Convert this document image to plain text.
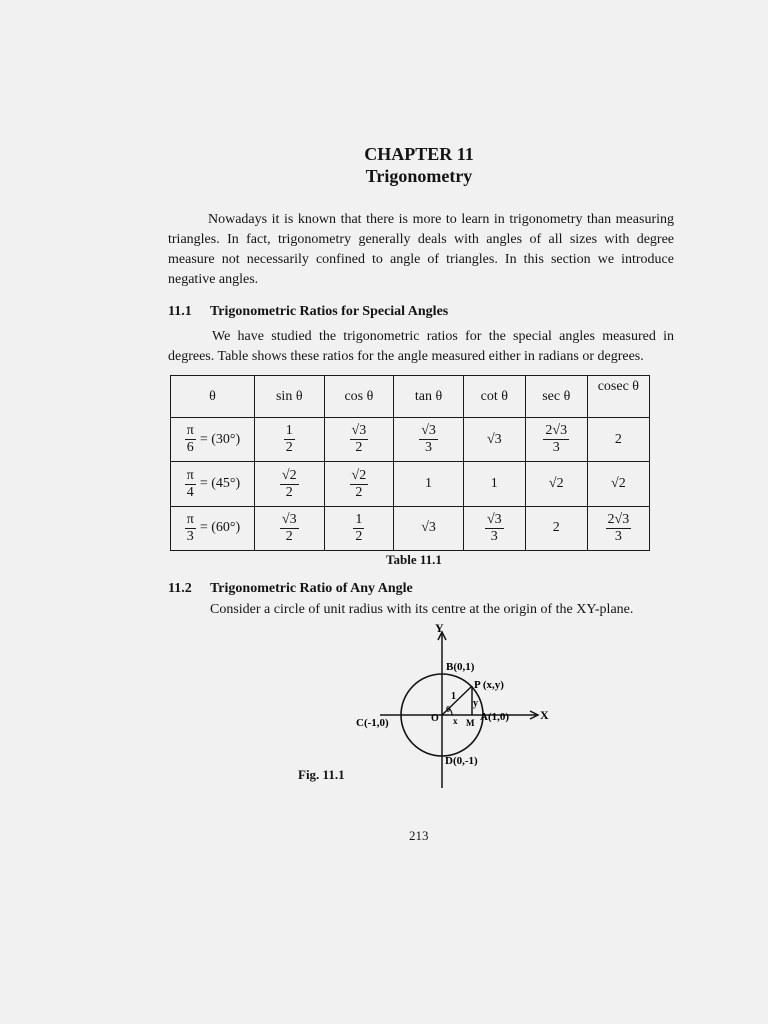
CHAPTER 11
Trigonometry
Nowadays it is known that there is more to learn in trigonometry than measuring triangles. In fact, trigonometry generally deals with angles of all sizes with degree measure not necessarily confined to angle of triangles. In this section we introduce negative angles.
11.1 Trigonometric Ratios for Special Angles
We have studied the trigonometric ratios for the special angles measured in degrees. Table shows these ratios for the angle measured either in radians or degrees.
θ	sin θ	cos θ	tan θ	cot θ	sec θ	cosec θ

$\frac{\pi}{6} = (30^\circ)$	$\frac{1}{2}$	$\frac{√3}{2}$	$\frac{√3}{3}$	√3	$\frac{2√3}{3}$	2

$\frac{\pi}{4} = (45^\circ)$	$\frac{√2}{2}$	$\frac{√2}{2}$	1	1	√2	√2

$\frac{\pi}{3} = (60^\circ)$	$\frac{√3}{2}$	$\frac{1}{2}$	√3	$\frac{√3}{3}$	2	$\frac{2√3}{3}$
Table 11.1
11.2 Trigonometric Ratio of Any Angle
Consider a circle of unit radius with its centre at the origin of the XY-plane.
Y
X
B(0,1)
P (x,y)
C(-1,0)	A(1,0)
D(0,-1)
O	M
x
y
1
θ
Fig. 11.1
213
